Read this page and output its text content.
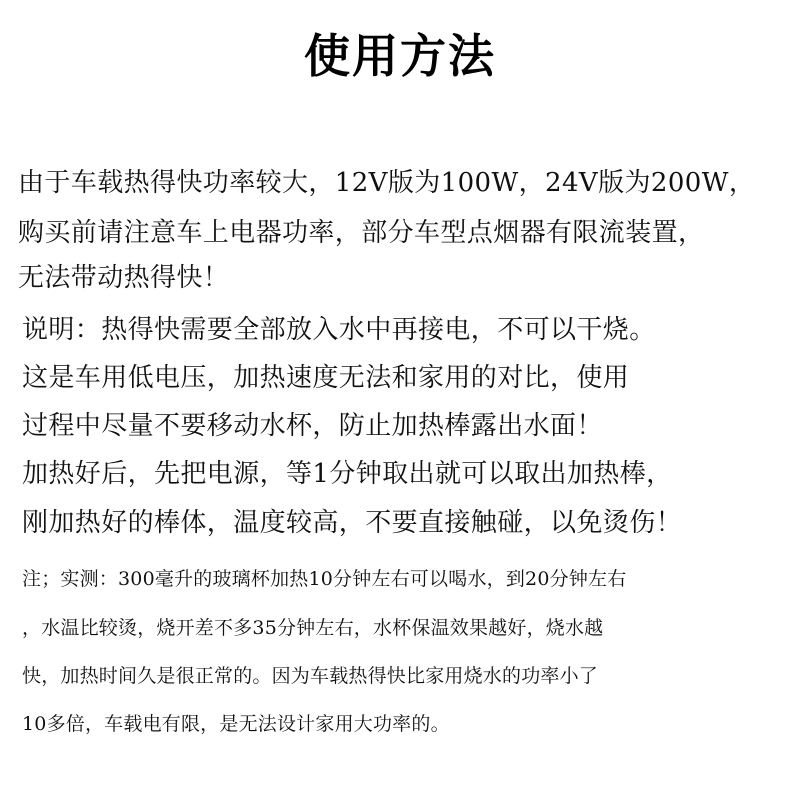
使用方法
由于车载热得快功率较大，12V版为100W，24V版为200W，
购买前请注意车上电器功率，部分车型点烟器有限流装置，
无法带动热得快！
说明：热得快需要全部放入水中再接电，不可以干烧。
这是车用低电压，加热速度无法和家用的对比，使用
过程中尽量不要移动水杯，防止加热棒露出水面！
加热好后，先把电源，等1分钟取出就可以取出加热棒，
刚加热好的棒体，温度较高，不要直接触碰，以免烫伤！
注；实测：300毫升的玻璃杯加热10分钟左右可以喝水，到20分钟左右
，水温比较烫，烧开差不多35分钟左右，水杯保温效果越好，烧水越
快，加热时间久是很正常的。因为车载热得快比家用烧水的功率小了
10多倍，车载电有限，是无法设计家用大功率的。
